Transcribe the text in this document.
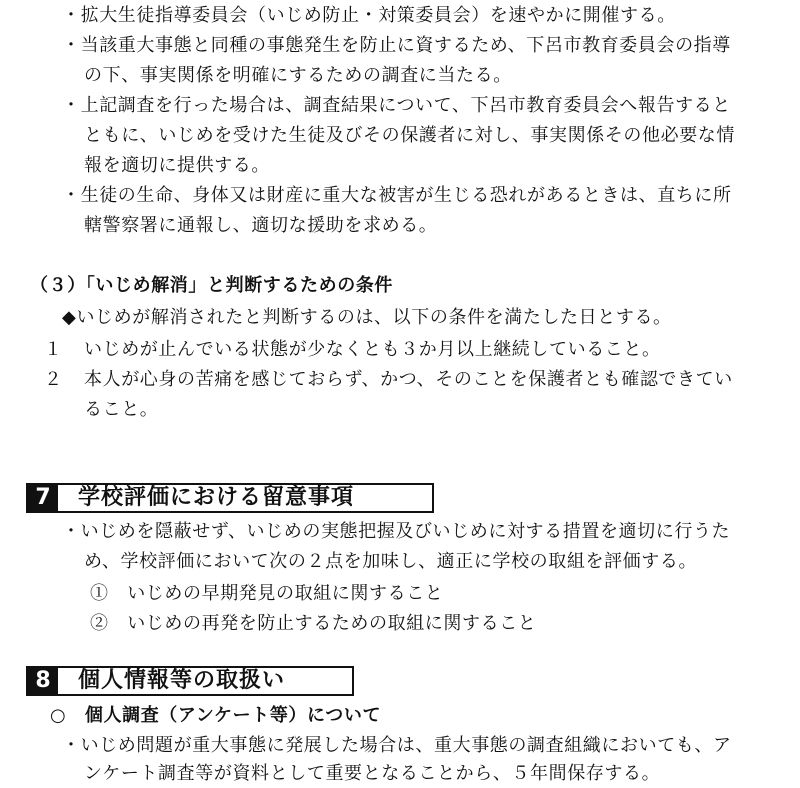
・拡大生徒指導委員会（いじめ防止・対策委員会）を速やかに開催する。
・当該重大事態と同種の事態発生を防止に資するため、下呂市教育委員会の指導
の下、事実関係を明確にするための調査に当たる。
・上記調査を行った場合は、調査結果について、下呂市教育委員会へ報告すると
ともに、いじめを受けた生徒及びその保護者に対し、事実関係その他必要な情
報を適切に提供する。
・生徒の生命、身体又は財産に重大な被害が生じる恐れがあるときは、直ちに所
轄警察署に通報し、適切な援助を求める。
（３）「いじめ解消」と判断するための条件
◆いじめが解消されたと判断するのは、以下の条件を満たした日とする。
１ いじめが止んでいる状態が少なくとも３か月以上継続していること。
２ 本人が心身の苦痛を感じておらず、かつ、そのことを保護者とも確認できてい
ること。
7	学校評価における留意事項
・いじめを隠蔽せず、いじめの実態把握及びいじめに対する措置を適切に行うた
め、学校評価において次の２点を加味し、適正に学校の取組を評価する。
①　いじめの早期発見の取組に関すること
②　いじめの再発を防止するための取組に関すること
8	個人情報等の取扱い
○　個人調査（アンケート等）について
・いじめ問題が重大事態に発展した場合は、重大事態の調査組織においても、ア
ンケート調査等が資料として重要となることから、５年間保存する。
